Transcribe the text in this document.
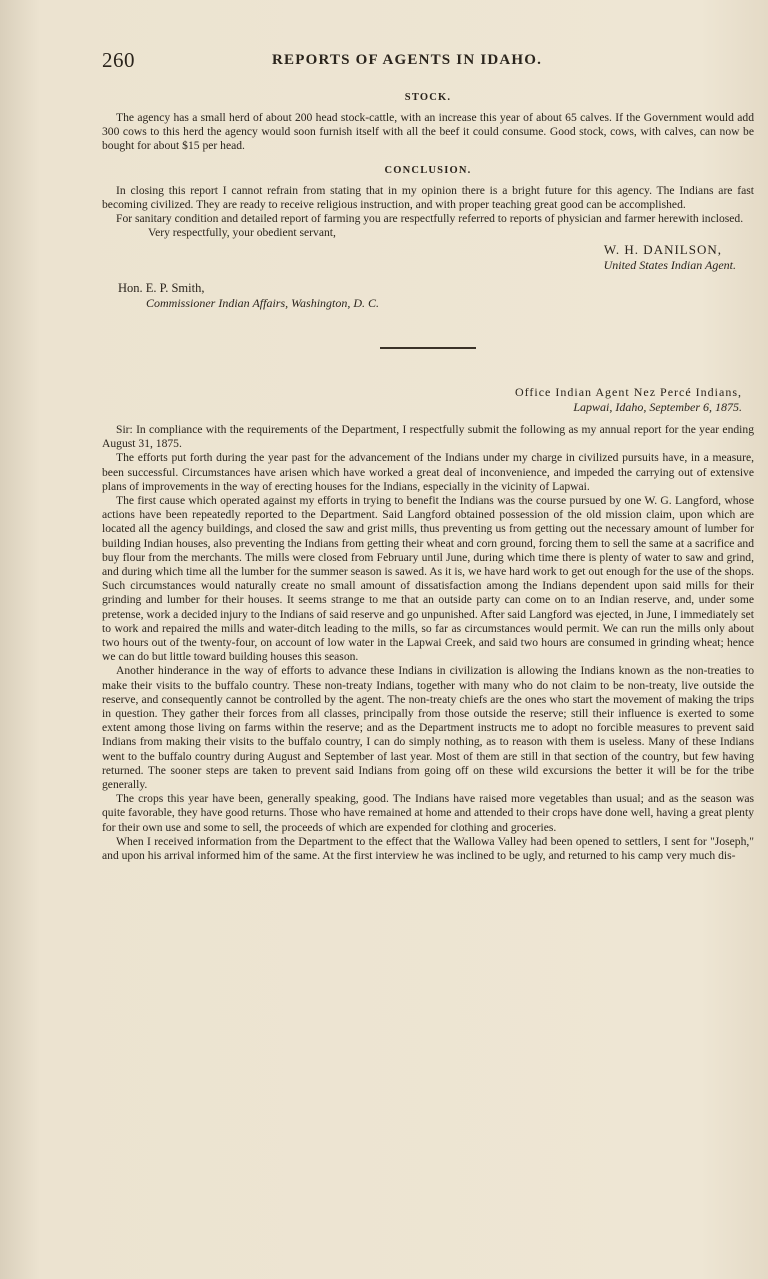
260	REPORTS OF AGENTS IN IDAHO.
STOCK.

The agency has a small herd of about 200 head stock-cattle, with an increase this year of about 65 calves. If the Government would add 300 cows to this herd the agency would soon furnish itself with all the beef it could consume. Good stock, cows, with calves, can now be bought for about $15 per head.

CONCLUSION.

In closing this report I cannot refrain from stating that in my opinion there is a bright future for this agency. The Indians are fast becoming civilized. They are ready to receive religious instruction, and with proper teaching great good can be accomplished.

For sanitary condition and detailed report of farming you are respectfully referred to reports of physician and farmer herewith inclosed.

Very respectfully, your obedient servant,

W. H. DANILSON,
United States Indian Agent.
Hon. E. P. Smith,
Commissioner Indian Affairs, Washington, D. C.
Office Indian Agent Nez Percé Indians,
Lapwai, Idaho, September 6, 1875.

Sir: In compliance with the requirements of the Department, I respectfully submit the following as my annual report for the year ending August 31, 1875.

The efforts put forth during the year past for the advancement of the Indians under my charge in civilized pursuits have, in a measure, been successful. Circumstances have arisen which have worked a great deal of inconvenience, and impeded the carrying out of extensive plans of improvements in the way of erecting houses for the Indians, especially in the vicinity of Lapwai.

The first cause which operated against my efforts in trying to benefit the Indians was the course pursued by one W. G. Langford, whose actions have been repeatedly reported to the Department. Said Langford obtained possession of the old mission claim, upon which are located all the agency buildings, and closed the saw and grist mills, thus preventing us from getting out the necessary amount of lumber for building Indian houses, also preventing the Indians from getting their wheat and corn ground, forcing them to sell the same at a sacrifice and buy flour from the merchants. The mills were closed from February until June, during which time there is plenty of water to saw and grind, and during which time all the lumber for the summer season is sawed. As it is, we have hard work to get out enough for the use of the shops. Such circumstances would naturally create no small amount of dissatisfaction among the Indians dependent upon said mills for their grinding and lumber for their houses. It seems strange to me that an outside party can come on to an Indian reserve, and, under some pretense, work a decided injury to the Indians of said reserve and go unpunished. After said Langford was ejected, in June, I immediately set to work and repaired the mills and water-ditch leading to the mills, so far as circumstances would permit. We can run the mills only about two hours out of the twenty-four, on account of low water in the Lapwai Creek, and said two hours are consumed in grinding wheat; hence we can do but little toward building houses this season.

Another hinderance in the way of efforts to advance these Indians in civilization is allowing the Indians known as the non-treaties to make their visits to the buffalo country. These non-treaty Indians, together with many who do not claim to be non-treaty, live outside the reserve, and consequently cannot be controlled by the agent. The non-treaty chiefs are the ones who start the movement of making the trips in question. They gather their forces from all classes, principally from those outside the reserve; still their influence is exerted to some extent among those living on farms within the reserve; and as the Department instructs me to adopt no forcible measures to prevent said Indians from making their visits to the buffalo country, I can do simply nothing, as to reason with them is useless. Many of these Indians went to the buffalo country during August and September of last year. Most of them are still in that section of the country, but few having returned. The sooner steps are taken to prevent said Indians from going off on these wild excursions the better it will be for the tribe generally.

The crops this year have been, generally speaking, good. The Indians have raised more vegetables than usual; and as the season was quite favorable, they have good returns. Those who have remained at home and attended to their crops have done well, having a great plenty for their own use and some to sell, the proceeds of which are expended for clothing and groceries.

When I received information from the Department to the effect that the Wallowa Valley had been opened to settlers, I sent for "Joseph," and upon his arrival informed him of the same. At the first interview he was inclined to be ugly, and returned to his camp very much dis-
